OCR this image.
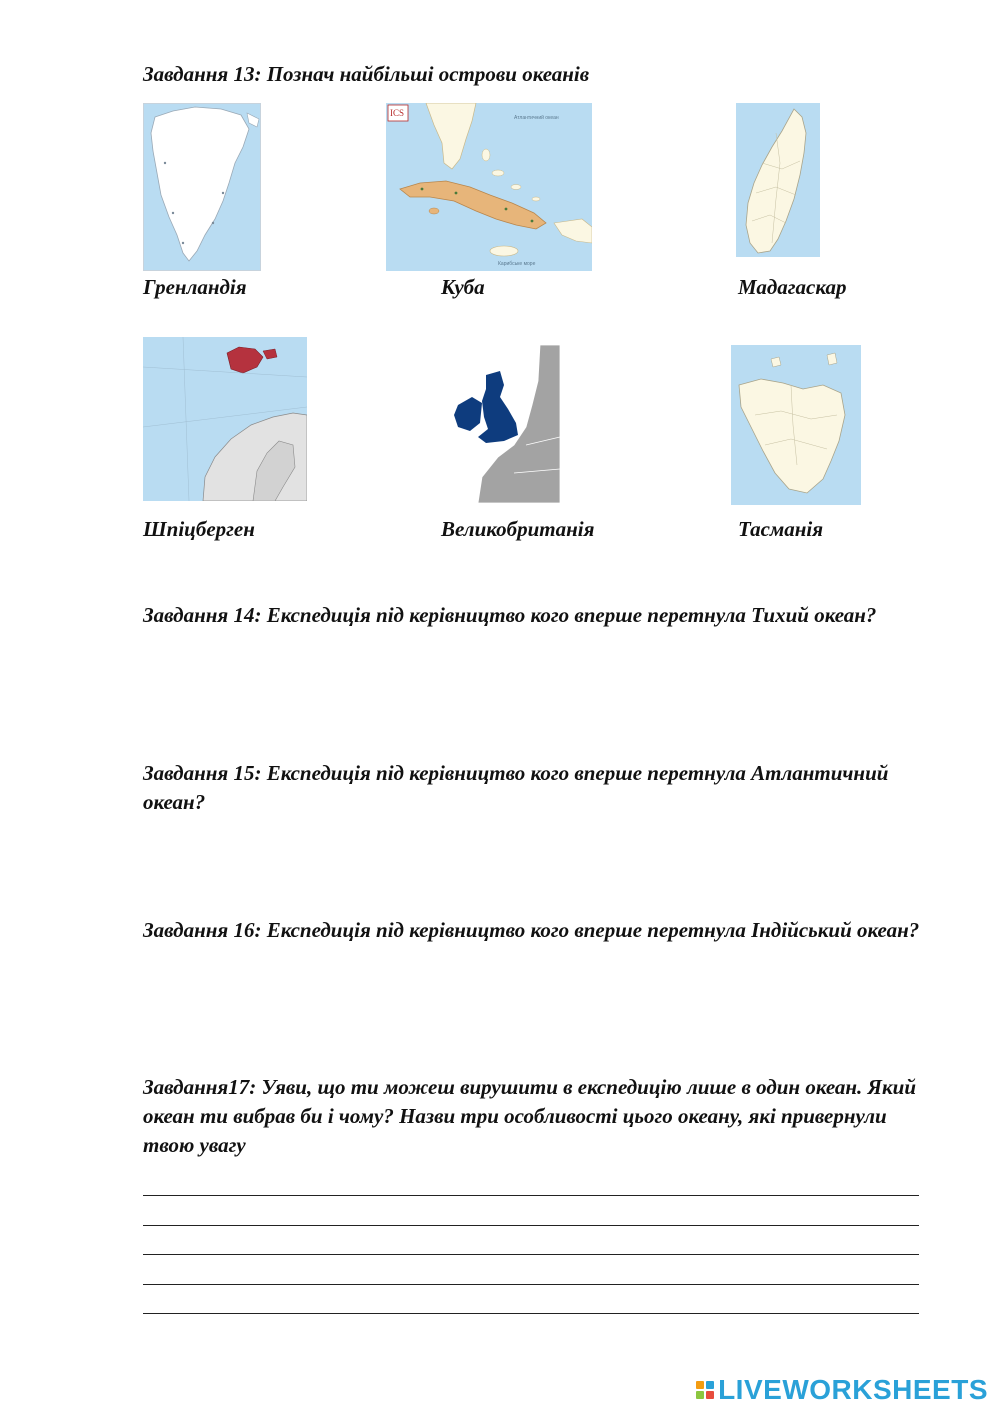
Завдання 13: Познач найбільші острови океанів

ICS	Атлантичний океан
Карибське море
Гренландія	Куба	Мадагаскар
Шпіцберген	Великобританія	Тасманія

Завдання 14: Експедиція під керівництво кого вперше перетнула Тихий океан?

Завдання 15: Експедиція під керівництво кого вперше перетнула Атлантичний океан?

Завдання 16: Експедиція під керівництво кого вперше перетнула Індійський океан?

Завдання17: Уяви, що ти можеш вирушити в експедицію лише в один океан. Який океан ти вибрав би і чому? Назви три особливості цього океану, які привернули твою увагу

LIVEWORKSHEETS
